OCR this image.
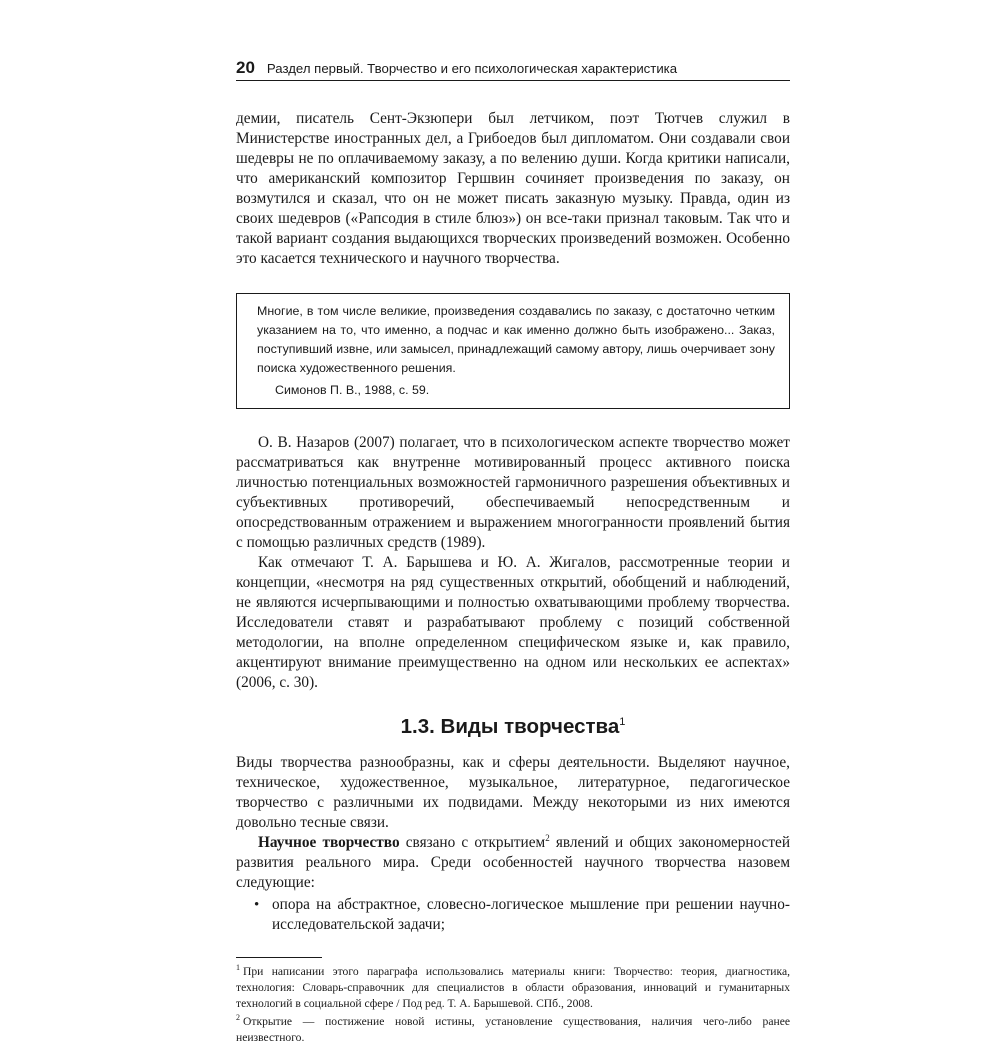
20 Раздел первый. Творчество и его психологическая характеристика

демии, писатель Сент-Экзюпери был летчиком, поэт Тютчев служил в Министерстве иностранных дел, а Грибоедов был дипломатом. Они создавали свои шедевры не по оплачиваемому заказу, а по велению души. Когда критики написали, что американский композитор Гершвин сочиняет произведения по заказу, он возмутился и сказал, что он не может писать заказную музыку. Правда, один из своих шедевров («Рапсодия в стиле блюз») он все-таки признал таковым. Так что и такой вариант создания выдающихся творческих произведений возможен. Особенно это касается технического и научного творчества.

Многие, в том числе великие, произведения создавались по заказу, с достаточно четким указанием на то, что именно, а подчас и как именно должно быть изображено... Заказ, поступивший извне, или замысел, принадлежащий самому автору, лишь очерчивает зону поиска художественного решения.

Симонов П. В., 1988, с. 59.

О. В. Назаров (2007) полагает, что в психологическом аспекте творчество может рассматриваться как внутренне мотивированный процесс активного поиска личностью потенциальных возможностей гармоничного разрешения объективных и субъективных противоречий, обеспечиваемый непосредственным и опосредствованным отражением и выражением многогранности проявлений бытия с помощью различных средств (1989).

Как отмечают Т. А. Барышева и Ю. А. Жигалов, рассмотренные теории и концепции, «несмотря на ряд существенных открытий, обобщений и наблюдений, не являются исчерпывающими и полностью охватывающими проблему творчества. Исследователи ставят и разрабатывают проблему с позиций собственной методологии, на вполне определенном специфическом языке и, как правило, акцентируют внимание преимущественно на одном или нескольких ее аспектах» (2006, с. 30).

1.3. Виды творчества$^1$

Виды творчества разнообразны, как и сферы деятельности. Выделяют научное, техническое, художественное, музыкальное, литературное, педагогическое творчество с различными их подвидами. Между некоторыми из них имеются довольно тесные связи.

Научное творчество связано с открытием$^2$ явлений и общих закономерностей развития реального мира. Среди особенностей научного творчества назовем следующие:

• опора на абстрактное, словесно-логическое мышление при решении научно-исследовательской задачи;

$^1$ При написании этого параграфа использовались материалы книги: Творчество: теория, диагностика, технология: Словарь-справочник для специалистов в области образования, инноваций и гуманитарных технологий в социальной сфере / Под ред. Т. А. Барышевой. СПб., 2008.

$^2$ Открытие — постижение новой истины, установление существования, наличия чего-либо ранее неизвестного.
